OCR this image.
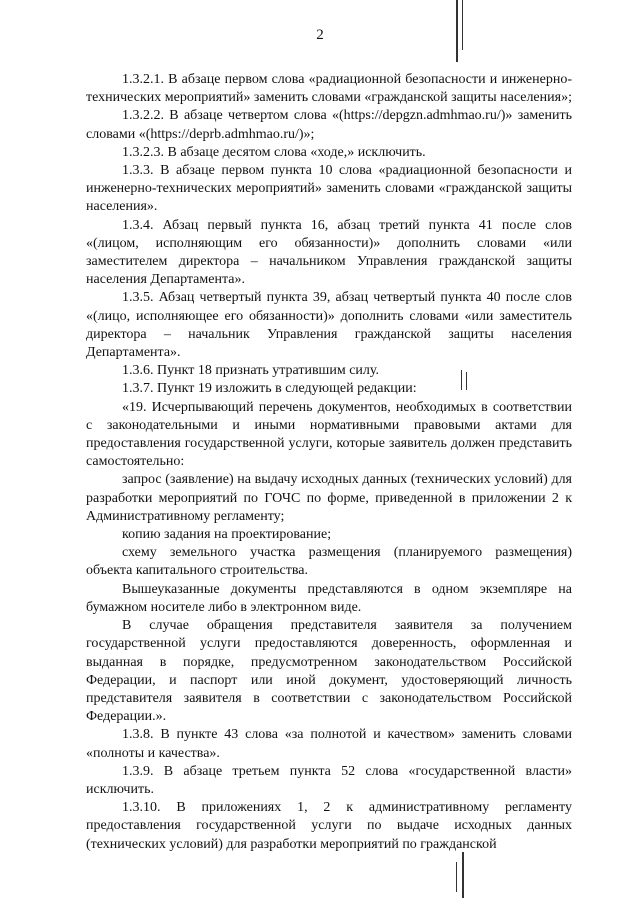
2

1.3.2.1. В абзаце первом слова «радиационной безопасности и инженерно-технических мероприятий» заменить словами «гражданской защиты населения»;

1.3.2.2. В абзаце четвертом слова «(https://depgzn.admhmao.ru/)» заменить словами «(https://deprb.admhmao.ru/)»;

1.3.2.3. В абзаце десятом слова «ходе,» исключить.

1.3.3. В абзаце первом пункта 10 слова «радиационной безопасности и инженерно-технических мероприятий» заменить словами «гражданской защиты населения».

1.3.4. Абзац первый пункта 16, абзац третий пункта 41 после слов «(лицом, исполняющим его обязанности)» дополнить словами «или заместителем директора – начальником Управления гражданской защиты населения Департамента».

1.3.5. Абзац четвертый пункта 39, абзац четвертый пункта 40 после слов «(лицо, исполняющее его обязанности)» дополнить словами «или заместитель директора – начальник Управления гражданской защиты населения Департамента».

1.3.6. Пункт 18 признать утратившим силу.

1.3.7. Пункт 19 изложить в следующей редакции:

«19. Исчерпывающий перечень документов, необходимых в соответствии с законодательными и иными нормативными правовыми актами для предоставления государственной услуги, которые заявитель должен представить самостоятельно:

запрос (заявление) на выдачу исходных данных (технических условий) для разработки мероприятий по ГОЧС по форме, приведенной в приложении 2 к Административному регламенту;

копию задания на проектирование;

схему земельного участка размещения (планируемого размещения) объекта капитального строительства.

Вышеуказанные документы представляются в одном экземпляре на бумажном носителе либо в электронном виде.

В случае обращения представителя заявителя за получением государственной услуги предоставляются доверенность, оформленная и выданная в порядке, предусмотренном законодательством Российской Федерации, и паспорт или иной документ, удостоверяющий личность представителя заявителя в соответствии с законодательством Российской Федерации.».

1.3.8. В пункте 43 слова «за полнотой и качеством» заменить словами «полноты и качества».

1.3.9. В абзаце третьем пункта 52 слова «государственной власти» исключить.

1.3.10. В приложениях 1, 2 к административному регламенту предоставления государственной услуги по выдаче исходных данных (технических условий) для разработки мероприятий по гражданской
